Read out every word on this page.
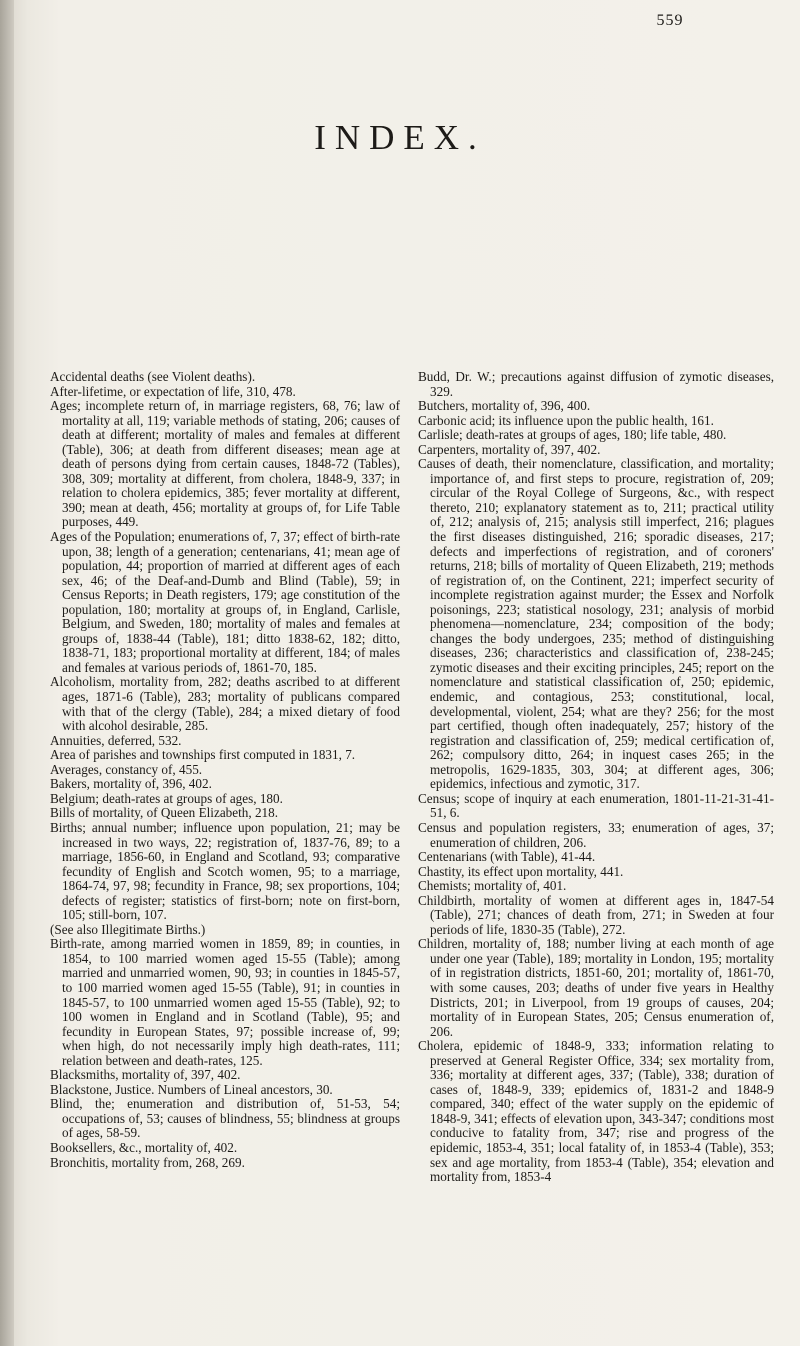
559
INDEX.

Accidental deaths (see Violent deaths).

After-lifetime, or expectation of life, 310, 478.

Ages; incomplete return of, in marriage registers, 68, 76; law of mortality at all, 119; variable methods of stating, 206; causes of death at different; mortality of males and females at different (Table), 306; at death from different diseases; mean age at death of persons dying from certain causes, 1848-72 (Tables), 308, 309; mortality at different, from cholera, 1848-9, 337; in relation to cholera epidemics, 385; fever mortality at different, 390; mean at death, 456; mortality at groups of, for Life Table purposes, 449.

Ages of the Population; enumerations of, 7, 37; effect of birth-rate upon, 38; length of a generation; centenarians, 41; mean age of population, 44; proportion of married at different ages of each sex, 46; of the Deaf-and-Dumb and Blind (Table), 59; in Census Reports; in Death registers, 179; age constitution of the population, 180; mortality at groups of, in England, Carlisle, Belgium, and Sweden, 180; mortality of males and females at groups of, 1838-44 (Table), 181; ditto 1838-62, 182; ditto, 1838-71, 183; proportional mortality at different, 184; of males and females at various periods of, 1861-70, 185.

Alcoholism, mortality from, 282; deaths ascribed to at different ages, 1871-6 (Table), 283; mortality of publicans compared with that of the clergy (Table), 284; a mixed dietary of food with alcohol desirable, 285.

Annuities, deferred, 532.

Area of parishes and townships first computed in 1831, 7.

Averages, constancy of, 455.

Bakers, mortality of, 396, 402.

Belgium; death-rates at groups of ages, 180.

Bills of mortality, of Queen Elizabeth, 218.

Births; annual number; influence upon population, 21; may be increased in two ways, 22; registration of, 1837-76, 89; to a marriage, 1856-60, in England and Scotland, 93; comparative fecundity of English and Scotch women, 95; to a marriage, 1864-74, 97, 98; fecundity in France, 98; sex proportions, 104; defects of register; statistics of first-born; note on first-born, 105; still-born, 107.

(See also Illegitimate Births.)

Birth-rate, among married women in 1859, 89; in counties, in 1854, to 100 married women aged 15-55 (Table); among married and unmarried women, 90, 93; in counties in 1845-57, to 100 married women aged 15-55 (Table), 91; in counties in 1845-57, to 100 unmarried women aged 15-55 (Table), 92; to 100 women in England and in Scotland (Table), 95; and fecundity in European States, 97; possible increase of, 99; when high, do not necessarily imply high death-rates, 111; relation between and death-rates, 125.

Blacksmiths, mortality of, 397, 402.

Blackstone, Justice. Numbers of Lineal ancestors, 30.

Blind, the; enumeration and distribution of, 51-53, 54; occupations of, 53; causes of blindness, 55; blindness at groups of ages, 58-59.

Booksellers, &c., mortality of, 402.

Bronchitis, mortality from, 268, 269.

Budd, Dr. W.; precautions against diffusion of zymotic diseases, 329.

Butchers, mortality of, 396, 400.

Carbonic acid; its influence upon the public health, 161.

Carlisle; death-rates at groups of ages, 180; life table, 480.

Carpenters, mortality of, 397, 402.

Causes of death, their nomenclature, classification, and mortality; importance of, and first steps to procure, registration of, 209; circular of the Royal College of Surgeons, &c., with respect thereto, 210; explanatory statement as to, 211; practical utility of, 212; analysis of, 215; analysis still imperfect, 216; plagues the first diseases distinguished, 216; sporadic diseases, 217; defects and imperfections of registration, and of coroners' returns, 218; bills of mortality of Queen Elizabeth, 219; methods of registration of, on the Continent, 221; imperfect security of incomplete registration against murder; the Essex and Norfolk poisonings, 223; statistical nosology, 231; analysis of morbid phenomena—nomenclature, 234; composition of the body; changes the body undergoes, 235; method of distinguishing diseases, 236; characteristics and classification of, 238-245; zymotic diseases and their exciting principles, 245; report on the nomenclature and statistical classification of, 250; epidemic, endemic, and contagious, 253; constitutional, local, developmental, violent, 254; what are they? 256; for the most part certified, though often inadequately, 257; history of the registration and classification of, 259; medical certification of, 262; compulsory ditto, 264; in inquest cases 265; in the metropolis, 1629-1835, 303, 304; at different ages, 306; epidemics, infectious and zymotic, 317.

Census; scope of inquiry at each enumeration, 1801-11-21-31-41-51, 6.

Census and population registers, 33; enumeration of ages, 37; enumeration of children, 206.

Centenarians (with Table), 41-44.

Chastity, its effect upon mortality, 441.

Chemists; mortality of, 401.

Childbirth, mortality of women at different ages in, 1847-54 (Table), 271; chances of death from, 271; in Sweden at four periods of life, 1830-35 (Table), 272.

Children, mortality of, 188; number living at each month of age under one year (Table), 189; mortality in London, 195; mortality of in registration districts, 1851-60, 201; mortality of, 1861-70, with some causes, 203; deaths of under five years in Healthy Districts, 201; in Liverpool, from 19 groups of causes, 204; mortality of in European States, 205; Census enumeration of, 206.

Cholera, epidemic of 1848-9, 333; information relating to preserved at General Register Office, 334; sex mortality from, 336; mortality at different ages, 337; (Table), 338; duration of cases of, 1848-9, 339; epidemics of, 1831-2 and 1848-9 compared, 340; effect of the water supply on the epidemic of 1848-9, 341; effects of elevation upon, 343-347; conditions most conducive to fatality from, 347; rise and progress of the epidemic, 1853-4, 351; local fatality of, in 1853-4 (Table), 353; sex and age mortality, from 1853-4 (Table), 354; elevation and mortality from, 1853-4
